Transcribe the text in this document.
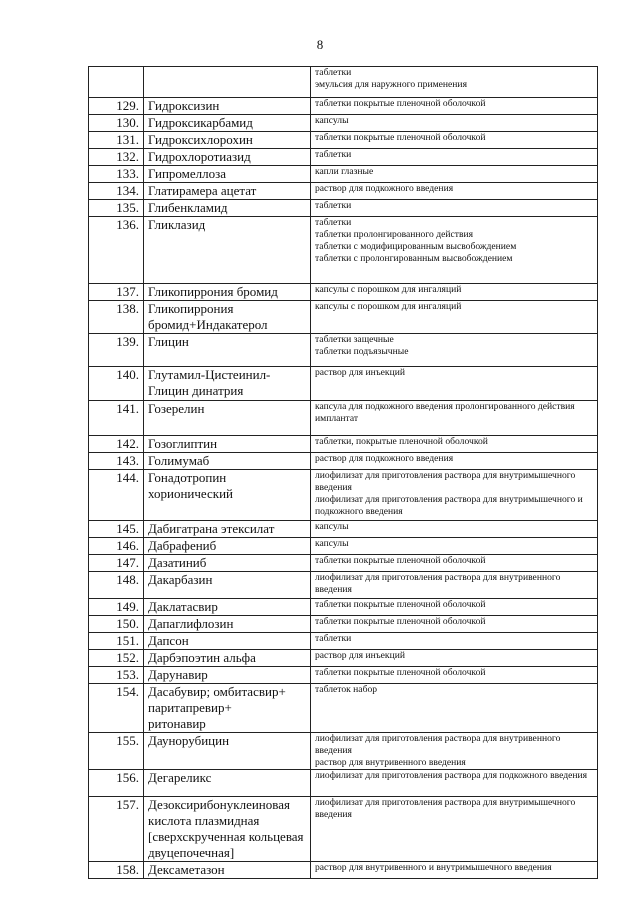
8

		таблетки
эмульсия для наружного применения

129.	Гидроксизин	таблетки покрытые пленочной оболочкой

130.	Гидроксикарбамид	капсулы

131.	Гидроксихлорохин	таблетки покрытые пленочной оболочкой

132.	Гидрохлоротиазид	таблетки

133.	Гипромеллоза	капли глазные

134.	Глатирамера ацетат	раствор для подкожного введения

135.	Глибенкламид	таблетки

136.	Гликлазид	таблетки
таблетки пролонгированного действия
таблетки с модифицированным высвобождением
таблетки с пролонгированным высвобождением

137.	Гликопиррония бромид	капсулы с порошком для ингаляций

138.	Гликопиррония
бромид+Индакатерол	капсулы с порошком для ингаляций

139.	Глицин	таблетки защечные
таблетки подъязычные

140.	Глутамил-Цистеинил-
Глицин динатрия	раствор для инъекций

141.	Гозерелин	капсула для подкожного введения пролонгированного действия
имплантат

142.	Гозоглиптин	таблетки, покрытые пленочной оболочкой

143.	Голимумаб	раствор для подкожного введения

144.	Гонадотропин
хорионический	лиофилизат для приготовления раствора для внутримышечного введения
лиофилизат для приготовления раствора для внутримышечного и подкожного введения

145.	Дабигатрана этексилат	капсулы

146.	Дабрафениб	капсулы

147.	Дазатиниб	таблетки покрытые пленочной оболочкой

148.	Дакарбазин	лиофилизат для приготовления раствора для внутривенного введения

149.	Даклатасвир	таблетки покрытые пленочной оболочкой

150.	Дапаглифлозин	таблетки покрытые пленочной оболочкой

151.	Дапсон	таблетки

152.	Дарбэпоэтин альфа	раствор для инъекций

153.	Дарунавир	таблетки покрытые пленочной оболочкой

154.	Дасабувир; омбитасвир+
паритапревир+
ритонавир	таблеток набор

155.	Даунорубицин	лиофилизат для приготовления раствора для внутривенного введения
раствор для внутривенного введения

156.	Дегареликс	лиофилизат для приготовления раствора для подкожного введения

157.	Дезоксирибонуклеиновая
кислота плазмидная
[сверхскрученная кольцевая
двуцепочечная]	лиофилизат для приготовления раствора для внутримышечного введения

158.	Дексаметазон	раствор для внутривенного и внутримышечного введения
